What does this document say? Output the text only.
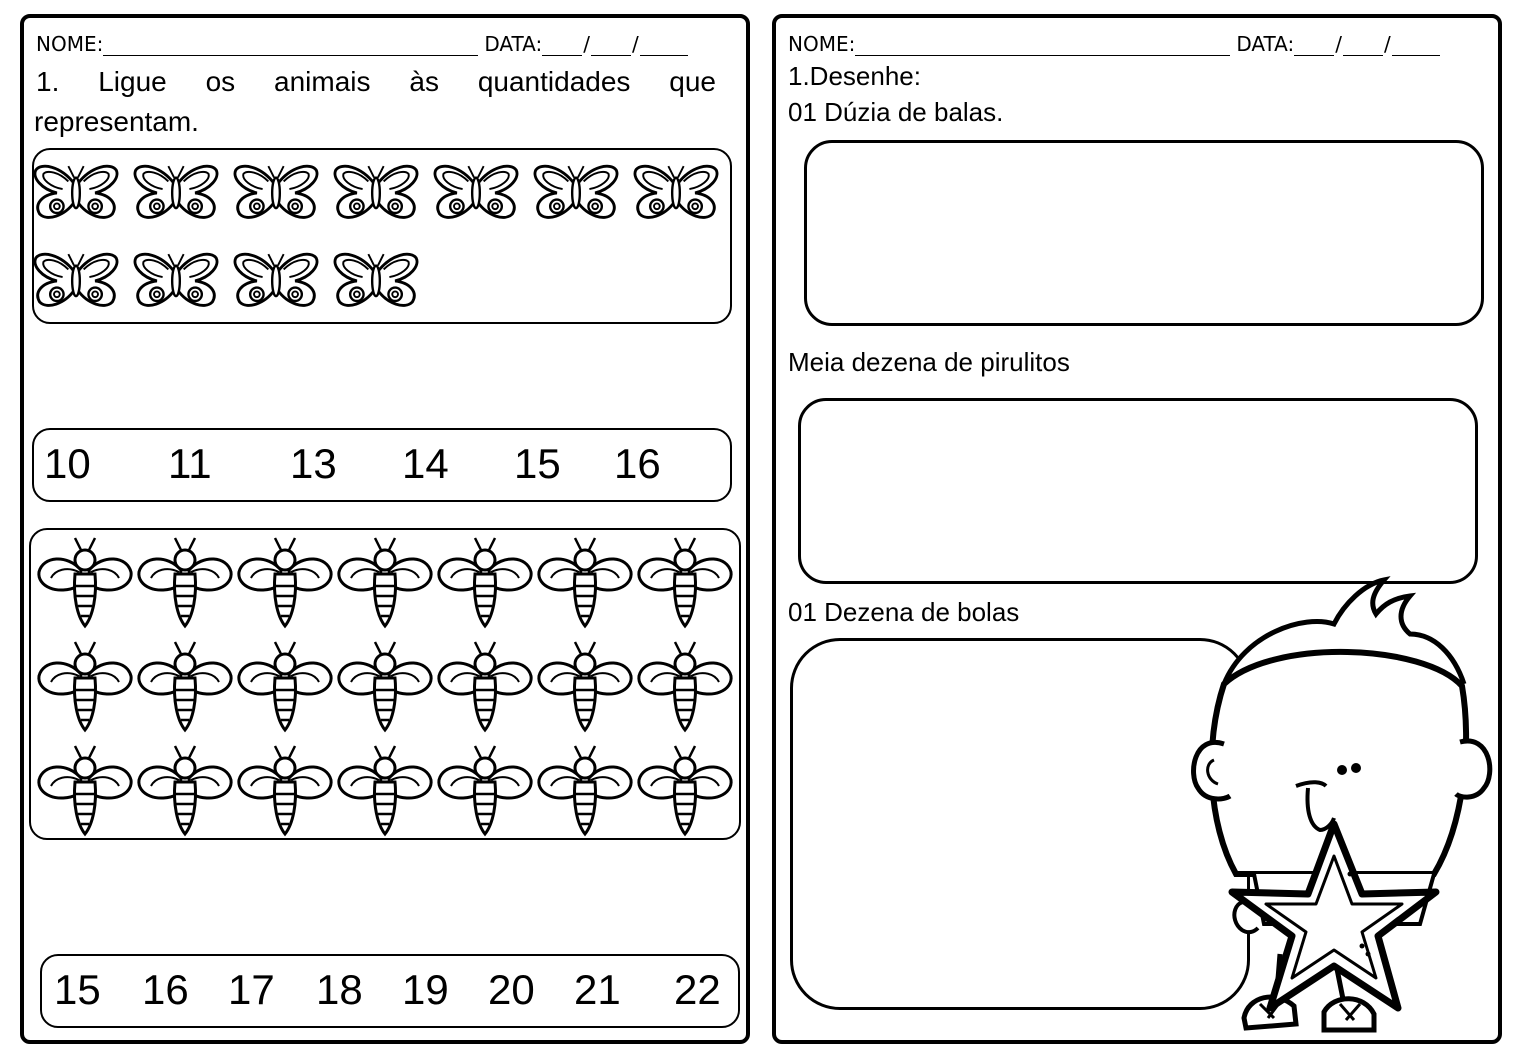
NOME:	DATA: / /
1. Ligue os animais às quantidades que
representam.
10 11 13 14 15 16
15 16 17 18 19 20 21 22
NOME:	DATA: / /
1.Desenhe:
01 Dúzia de balas.
Meia dezena de pirulitos
01 Dezena de bolas
